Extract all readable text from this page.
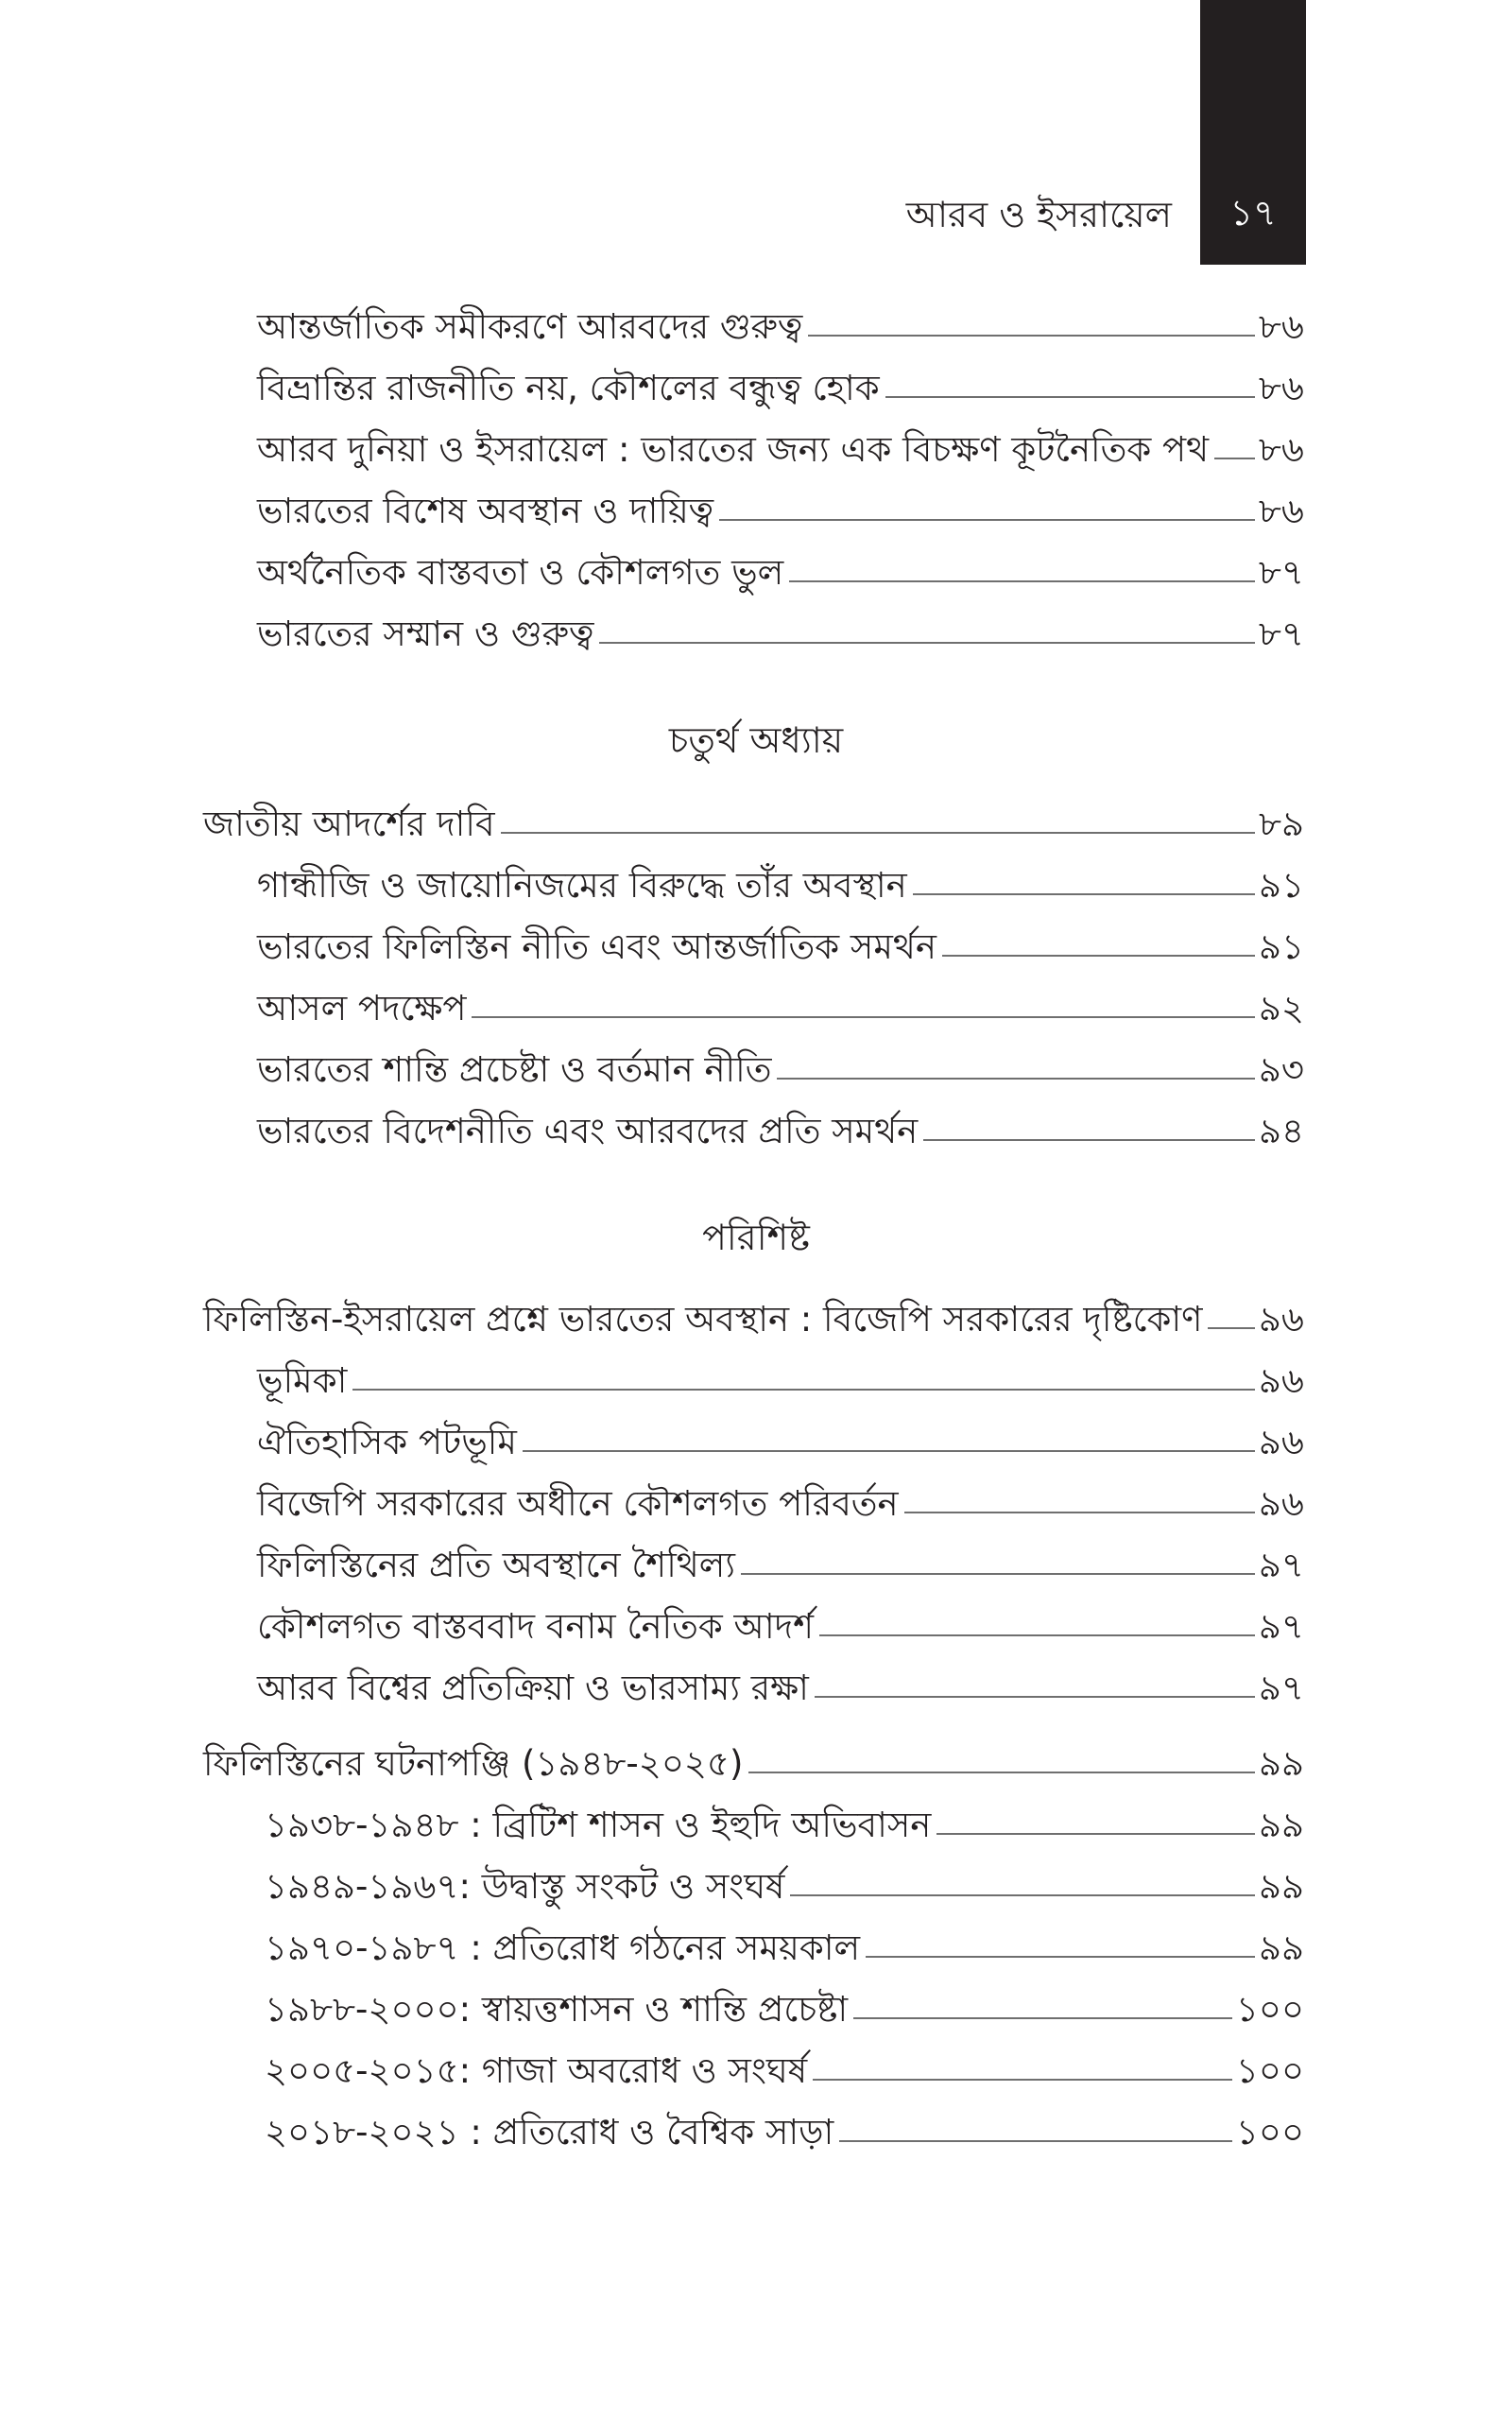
১৭
আরব ও ইসরায়েল
আন্তর্জাতিক সমীকরণে আরবদের গুরুত্ব	৮৬
বিভ্রান্তির রাজনীতি নয়, কৌশলের বন্ধুত্ব হোক	৮৬
আরব দুনিয়া ও ইসরায়েল : ভারতের জন্য এক বিচক্ষণ কূটনৈতিক পথ ৮৬
ভারতের বিশেষ অবস্থান ও দায়িত্ব	৮৬
অর্থনৈতিক বাস্তবতা ও কৌশলগত ভুল	৮৭
ভারতের সম্মান ও গুরুত্ব	৮৭
চতুর্থ অধ্যায়
জাতীয় আদর্শের দাবি	৮৯
গান্ধীজি ও জায়োনিজমের বিরুদ্ধে তাঁর অবস্থান	৯১
ভারতের ফিলিস্তিন নীতি এবং আন্তর্জাতিক সমর্থন	৯১
আসল পদক্ষেপ	৯২
ভারতের শান্তি প্রচেষ্টা ও বর্তমান নীতি	৯৩
ভারতের বিদেশনীতি এবং আরবদের প্রতি সমর্থন	৯৪
পরিশিষ্ট
ফিলিস্তিন-ইসরায়েল প্রশ্নে ভারতের অবস্থান : বিজেপি সরকারের দৃষ্টিকোণ ৯৬
ভূমিকা	৯৬
ঐতিহাসিক পটভূমি	৯৬
বিজেপি সরকারের অধীনে কৌশলগত পরিবর্তন	৯৬
ফিলিস্তিনের প্রতি অবস্থানে শৈথিল্য	৯৭
কৌশলগত বাস্তববাদ বনাম নৈতিক আদর্শ	৯৭
আরব বিশ্বের প্রতিক্রিয়া ও ভারসাম্য রক্ষা	৯৭
ফিলিস্তিনের ঘটনাপঞ্জি (১৯৪৮-২০২৫)	৯৯
১৯৩৮-১৯৪৮ : ব্রিটিশ শাসন ও ইহুদি অভিবাসন	৯৯
১৯৪৯-১৯৬৭: উদ্বাস্তু সংকট ও সংঘর্ষ	৯৯
১৯৭০-১৯৮৭ : প্রতিরোধ গঠনের সময়কাল	৯৯
১৯৮৮-২০০০: স্বায়ত্তশাসন ও শান্তি প্রচেষ্টা	১০০
২০০৫-২০১৫: গাজা অবরোধ ও সংঘর্ষ	১০০
২০১৮-২০২১ : প্রতিরোধ ও বৈশ্বিক সাড়া	১০০
